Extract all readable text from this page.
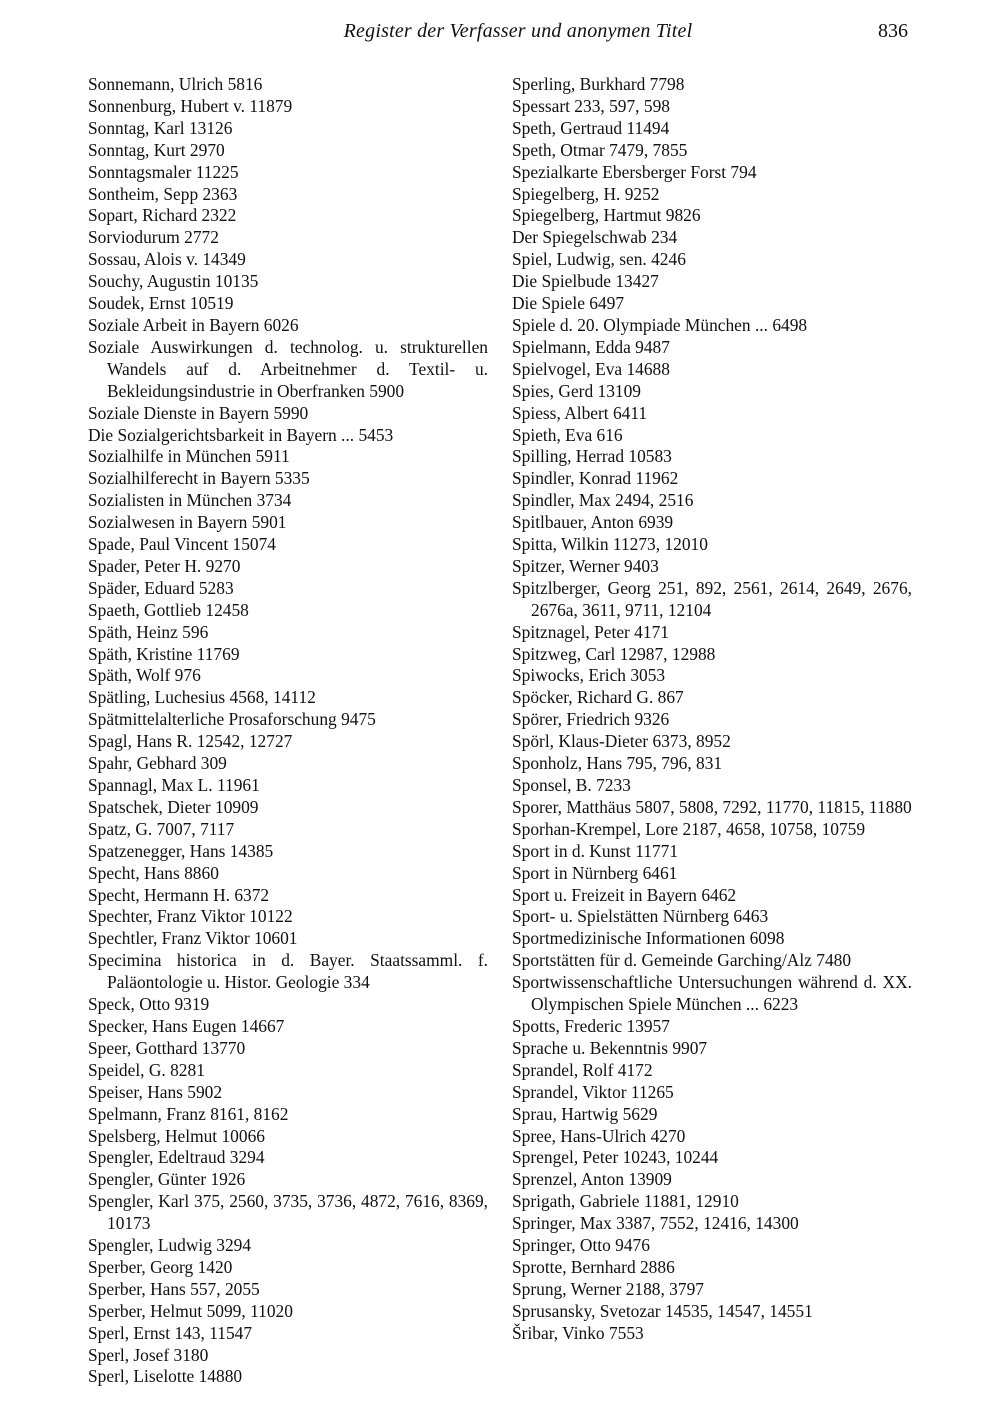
Register der Verfasser und anonymen Titel	836
Sonnemann, Ulrich 5816
Sonnenburg, Hubert v. 11879
Sonntag, Karl 13126
Sonntag, Kurt 2970
Sonntagsmaler 11225
Sontheim, Sepp 2363
Sopart, Richard 2322
Sorviodurum 2772
Sossau, Alois v. 14349
Souchy, Augustin 10135
Soudek, Ernst 10519
Soziale Arbeit in Bayern 6026
Soziale Auswirkungen d. technolog. u. strukturellen Wandels auf d. Arbeitnehmer d. Textil- u. Bekleidungsindustrie in Oberfranken 5900
Soziale Dienste in Bayern 5990
Die Sozialgerichtsbarkeit in Bayern ... 5453
Sozialhilfe in München 5911
Sozialhilferecht in Bayern 5335
Sozialisten in München 3734
Sozialwesen in Bayern 5901
Spade, Paul Vincent 15074
Spader, Peter H. 9270
Späder, Eduard 5283
Spaeth, Gottlieb 12458
Späth, Heinz 596
Späth, Kristine 11769
Späth, Wolf 976
Spätling, Luchesius 4568, 14112
Spätmittelalterliche Prosaforschung 9475
Spagl, Hans R. 12542, 12727
Spahr, Gebhard 309
Spannagl, Max L. 11961
Spatschek, Dieter 10909
Spatz, G. 7007, 7117
Spatzenegger, Hans 14385
Specht, Hans 8860
Specht, Hermann H. 6372
Spechter, Franz Viktor 10122
Spechtler, Franz Viktor 10601
Specimina historica in d. Bayer. Staatssamml. f. Paläontologie u. Histor. Geologie 334
Speck, Otto 9319
Specker, Hans Eugen 14667
Speer, Gotthard 13770
Speidel, G. 8281
Speiser, Hans 5902
Spelmann, Franz 8161, 8162
Spelsberg, Helmut 10066
Spengler, Edeltraud 3294
Spengler, Günter 1926
Spengler, Karl 375, 2560, 3735, 3736, 4872, 7616, 8369, 10173
Spengler, Ludwig 3294
Sperber, Georg 1420
Sperber, Hans 557, 2055
Sperber, Helmut 5099, 11020
Sperl, Ernst 143, 11547
Sperl, Josef 3180
Sperl, Liselotte 14880
Sperling, Burkhard 7798
Spessart 233, 597, 598
Speth, Gertraud 11494
Speth, Otmar 7479, 7855
Spezialkarte Ebersberger Forst 794
Spiegelberg, H. 9252
Spiegelberg, Hartmut 9826
Der Spiegelschwab 234
Spiel, Ludwig, sen. 4246
Die Spielbude 13427
Die Spiele 6497
Spiele d. 20. Olympiade München ... 6498
Spielmann, Edda 9487
Spielvogel, Eva 14688
Spies, Gerd 13109
Spiess, Albert 6411
Spieth, Eva 616
Spilling, Herrad 10583
Spindler, Konrad 11962
Spindler, Max 2494, 2516
Spitlbauer, Anton 6939
Spitta, Wilkin 11273, 12010
Spitzer, Werner 9403
Spitzlberger, Georg 251, 892, 2561, 2614, 2649, 2676, 2676a, 3611, 9711, 12104
Spitznagel, Peter 4171
Spitzweg, Carl 12987, 12988
Spiwocks, Erich 3053
Spöcker, Richard G. 867
Spörer, Friedrich 9326
Spörl, Klaus-Dieter 6373, 8952
Sponholz, Hans 795, 796, 831
Sponsel, B. 7233
Sporer, Matthäus 5807, 5808, 7292, 11770, 11815, 11880
Sporhan-Krempel, Lore 2187, 4658, 10758, 10759
Sport in d. Kunst 11771
Sport in Nürnberg 6461
Sport u. Freizeit in Bayern 6462
Sport- u. Spielstätten Nürnberg 6463
Sportmedizinische Informationen 6098
Sportstätten für d. Gemeinde Garching/Alz 7480
Sportwissenschaftliche Untersuchungen während d. XX. Olympischen Spiele München ... 6223
Spotts, Frederic 13957
Sprache u. Bekenntnis 9907
Sprandel, Rolf 4172
Sprandel, Viktor 11265
Sprau, Hartwig 5629
Spree, Hans-Ulrich 4270
Sprengel, Peter 10243, 10244
Sprenzel, Anton 13909
Sprigath, Gabriele 11881, 12910
Springer, Max 3387, 7552, 12416, 14300
Springer, Otto 9476
Sprotte, Bernhard 2886
Sprung, Werner 2188, 3797
Sprusansky, Svetozar 14535, 14547, 14551
Šribar, Vinko 7553
